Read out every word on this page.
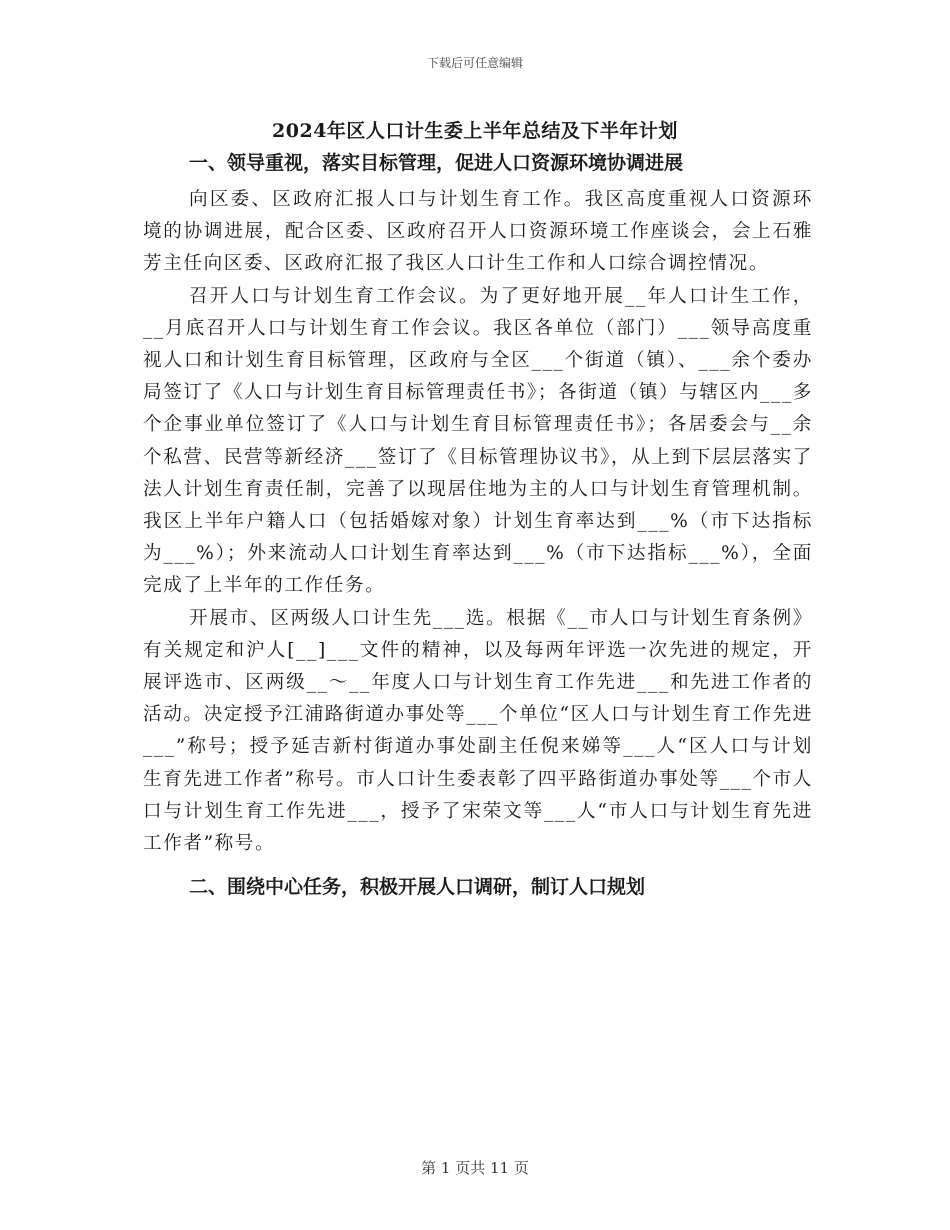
下载后可任意编辑
2024年区人口计生委上半年总结及下半年计划
一、领导重视，落实目标管理，促进人口资源环境协调进展

向区委、区政府汇报人口与计划生育工作。我区高度重视人口资源环境的协调进展，配合区委、区政府召开人口资源环境工作座谈会，会上石雅芳主任向区委、区政府汇报了我区人口计生工作和人口综合调控情况。

召开人口与计划生育工作会议。为了更好地开展__年人口计生工作，__月底召开人口与计划生育工作会议。我区各单位（部门）___领导高度重视人口和计划生育目标管理，区政府与全区___个街道（镇）、___余个委办局签订了《人口与计划生育目标管理责任书》；各街道（镇）与辖区内___多个企事业单位签订了《人口与计划生育目标管理责任书》；各居委会与__余个私营、民营等新经济___签订了《目标管理协议书》，从上到下层层落实了法人计划生育责任制，完善了以现居住地为主的人口与计划生育管理机制。我区上半年户籍人口（包括婚嫁对象）计划生育率达到___%（市下达指标为___%）；外来流动人口计划生育率达到___%（市下达指标___%），全面完成了上半年的工作任务。

开展市、区两级人口计生先___选。根据《__市人口与计划生育条例》有关规定和沪人[__]___文件的精神，以及每两年评选一次先进的规定，开展评选市、区两级__～__年度人口与计划生育工作先进___和先进工作者的活动。决定授予江浦路街道办事处等___个单位“区人口与计划生育工作先进___”称号；授予延吉新村街道办事处副主任倪来娣等___人“区人口与计划生育先进工作者”称号。市人口计生委表彰了四平路街道办事处等___个市人口与计划生育工作先进___，授予了宋荣文等___人“市人口与计划生育先进工作者”称号。

二、围绕中心任务，积极开展人口调研，制订人口规划
第 1 页共 11 页
